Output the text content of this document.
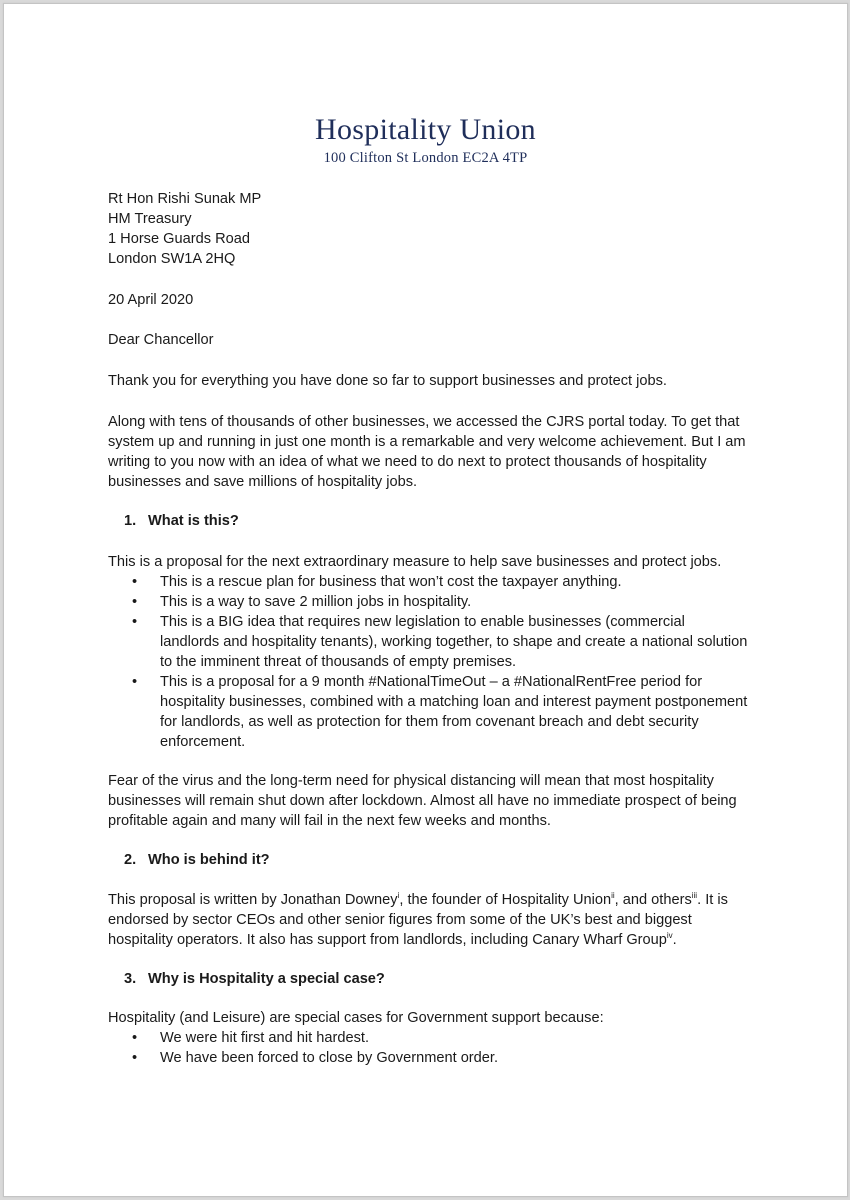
Hospitality Union
100 Clifton St London EC2A 4TP
Rt Hon Rishi Sunak MP
HM Treasury
1 Horse Guards Road
London SW1A 2HQ

20 April 2020

Dear Chancellor

Thank you for everything you have done so far to support businesses and protect jobs.

Along with tens of thousands of other businesses, we accessed the CJRS portal today. To get that system up and running in just one month is a remarkable and very welcome achievement. But I am writing to you now with an idea of what we need to do next to protect thousands of hospitality businesses and save millions of hospitality jobs.

1. What is this?

This is a proposal for the next extraordinary measure to help save businesses and protect jobs.

• This is a rescue plan for business that won’t cost the taxpayer anything.
• This is a way to save 2 million jobs in hospitality.
• This is a BIG idea that requires new legislation to enable businesses (commercial landlords and hospitality tenants), working together, to shape and create a national solution to the imminent threat of thousands of empty premises.
• This is a proposal for a 9 month #NationalTimeOut – a #NationalRentFree period for hospitality businesses, combined with a matching loan and interest payment postponement for landlords, as well as protection for them from covenant breach and debt security enforcement.

Fear of the virus and the long-term need for physical distancing will mean that most hospitality businesses will remain shut down after lockdown. Almost all have no immediate prospect of being profitable again and many will fail in the next few weeks and months.

2. Who is behind it?

This proposal is written by Jonathan Downey$^i$, the founder of Hospitality Union$^{ii}$, and others$^{iii}$. It is endorsed by sector CEOs and other senior figures from some of the UK’s best and biggest hospitality operators. It also has support from landlords, including Canary Wharf Group$^{iv}$.

3. Why is Hospitality a special case?

Hospitality (and Leisure) are special cases for Government support because:

• We were hit first and hit hardest.
• We have been forced to close by Government order.
